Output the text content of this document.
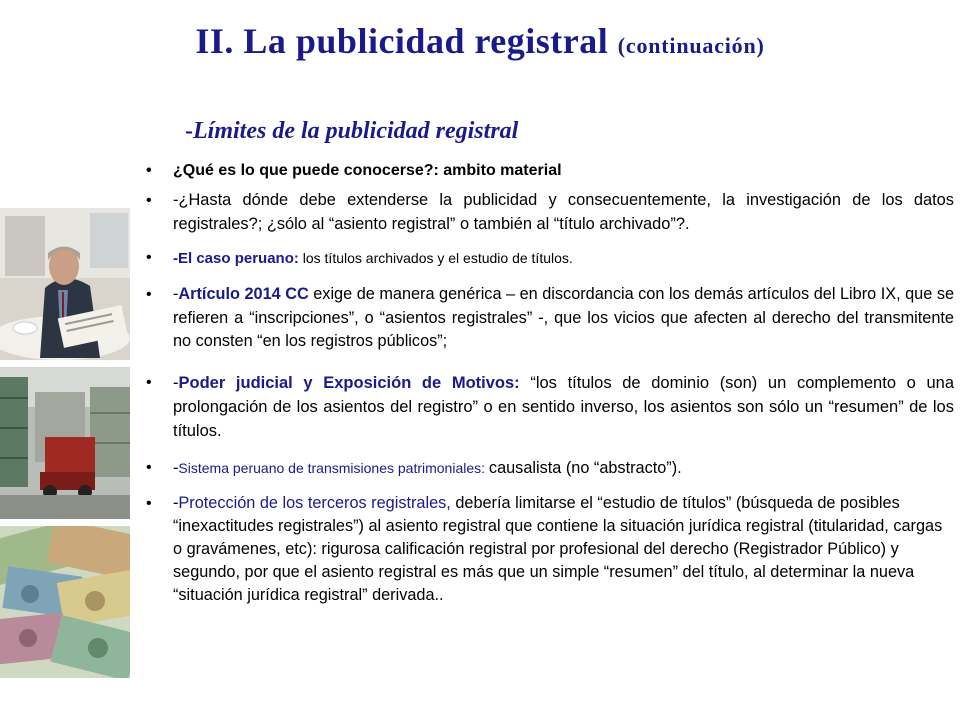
II. La publicidad registral (continuación)
-Límites de la publicidad registral
• ¿Qué es lo que puede conocerse?: ambito material
• -¿Hasta dónde debe extenderse la publicidad y consecuentemente, la investigación de los datos registrales?; ¿sólo al “asiento registral” o también al “título archivado”?.
• -El caso peruano: los títulos archivados y el estudio de títulos.
• -Artículo 2014 CC exige de manera genérica – en discordancia con los demás artículos del Libro IX, que se refieren a “inscripciones”, o “asientos registrales” -, que los vicios que afecten al derecho del transmitente no consten “en los registros públicos”;
• -Poder judicial y Exposición de Motivos: “los títulos de dominio (son) un complemento o una prolongación de los asientos del registro” o en sentido inverso, los asientos son sólo un “resumen” de los títulos.
• -Sistema peruano de transmisiones patrimoniales: causalista (no “abstracto”).
• -Protección de los terceros registrales, debería limitarse el “estudio de títulos” (búsqueda de posibles “inexactitudes registrales”) al asiento registral que contiene la situación jurídica registral (titularidad, cargas o gravámenes, etc): rigurosa calificación registral por profesional del derecho (Registrador Público) y segundo, por que el asiento registral es más que un simple “resumen” del título, al determinar la nueva “situación jurídica registral” derivada..
